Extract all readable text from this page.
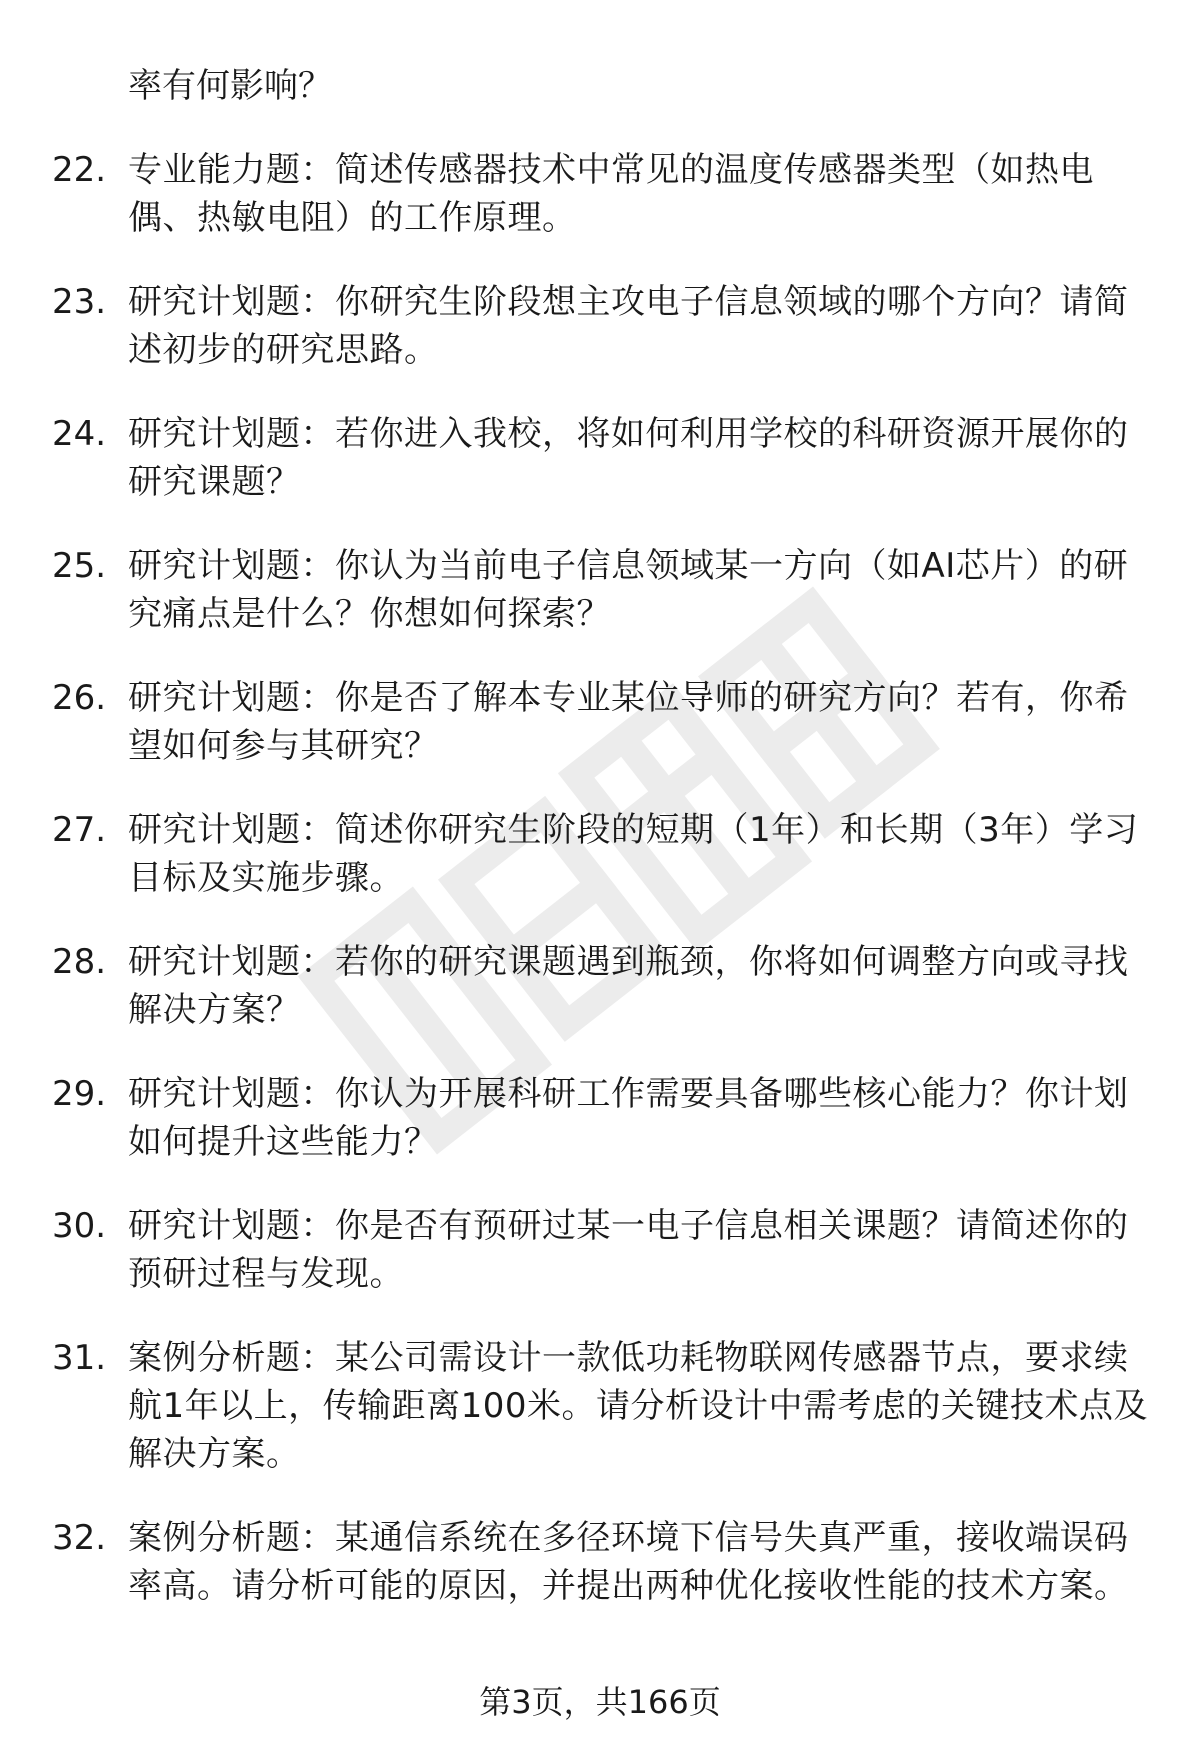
率有何影响？
22. 专业能力题：简述传感器技术中常见的温度传感器类型（如热电偶、热敏电阻）的工作原理。
23. 研究计划题：你研究生阶段想主攻电子信息领域的哪个方向？请简述初步的研究思路。
24. 研究计划题：若你进入我校，将如何利用学校的科研资源开展你的研究课题？
25. 研究计划题：你认为当前电子信息领域某一方向（如AI芯片）的研究痛点是什么？你想如何探索？
26. 研究计划题：你是否了解本专业某位导师的研究方向？若有，你希望如何参与其研究？
27. 研究计划题：简述你研究生阶段的短期（1年）和长期（3年）学习目标及实施步骤。
28. 研究计划题：若你的研究课题遇到瓶颈，你将如何调整方向或寻找解决方案？
29. 研究计划题：你认为开展科研工作需要具备哪些核心能力？你计划如何提升这些能力？
30. 研究计划题：你是否有预研过某一电子信息相关课题？请简述你的预研过程与发现。
31. 案例分析题：某公司需设计一款低功耗物联网传感器节点，要求续航1年以上，传输距离100米。请分析设计中需考虑的关键技术点及解决方案。
32. 案例分析题：某通信系统在多径环境下信号失真严重，接收端误码率高。请分析可能的原因，并提出两种优化接收性能的技术方案。
第3页，共166页
